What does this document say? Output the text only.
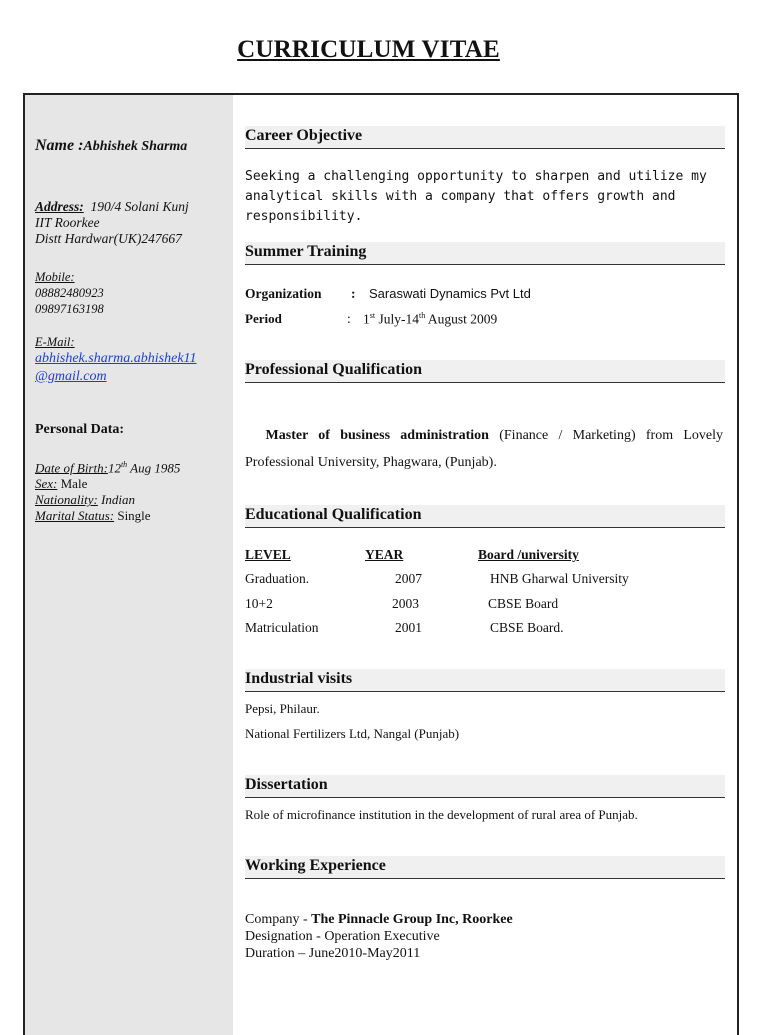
CURRICULUM VITAE
Name :Abhishek Sharma
Address: 190/4 Solani Kunj
IIT Roorkee
Distt Hardwar(UK)247667
Mobile:
08882480923
09897163198
E-Mail:
abhishek.sharma.abhishek11
@gmail.com
Personal Data:
Date of Birth:12th Aug 1985
Sex: Male
Nationality: Indian
Marital Status: Single
Career Objective
Seeking a challenging opportunity to sharpen and utilize my analytical skills with a company that offers growth and responsibility.
Summer Training
Organization : Saraswati Dynamics Pvt Ltd
Period	: 1st July-14th August 2009
Professional Qualification
Master of business administration (Finance / Marketing) from Lovely Professional University, Phagwara, (Punjab).
Educational Qualification
LEVEL	YEAR	Board /university
Graduation.	2007	HNB Gharwal University
10+2	2003	CBSE Board
Matriculation	2001	CBSE Board.
Industrial visits
Pepsi, Philaur.
National Fertilizers Ltd, Nangal (Punjab)
Dissertation
Role of microfinance institution in the development of rural area of Punjab.
Working Experience
Company - The Pinnacle Group Inc, Roorkee
Designation - Operation Executive
Duration – June2010-May2011
